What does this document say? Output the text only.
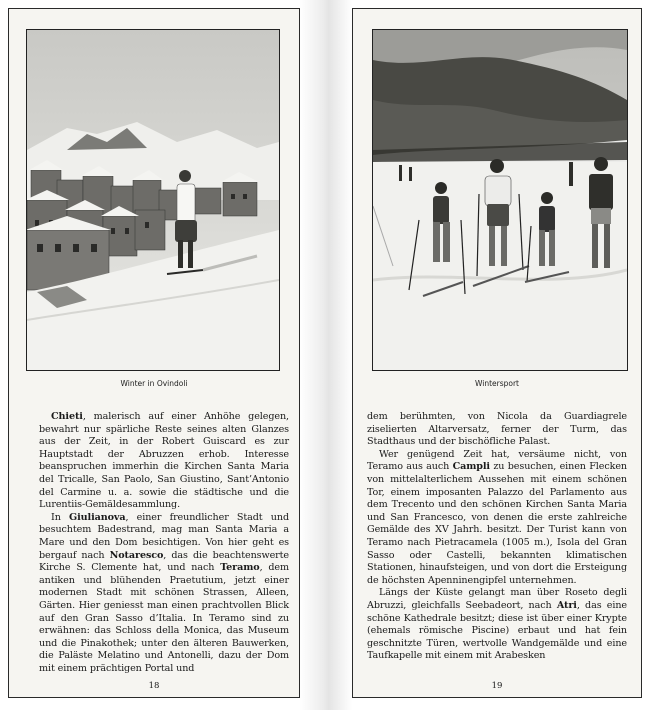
Winter in Ovindoli

Chieti, malerisch auf einer Anhöhe gelegen, bewahrt nur spärliche Reste seines alten Glanzes aus der Zeit, in der Robert Guiscard es zur Hauptstadt der Abruzzen erhob. Interesse beanspruchen immerhin die Kirchen Santa Maria del Tricalle, San Paolo, San Giustino, Sant’Antonio del Carmine u. a. sowie die städtische und die Lurentiis-Gemäldesammlung.

In Giulianova, einer freundlicher Stadt und besuchtem Badestrand, mag man Santa Maria a Mare und den Dom besichtigen. Von hier geht es bergauf nach Notaresco, das die beachtenswerte Kirche S. Clemente hat, und nach Teramo, dem antiken und blühenden Praetutium, jetzt einer modernen Stadt mit schönen Strassen, Alleen, Gärten. Hier geniesst man einen prachtvollen Blick auf den Gran Sasso d’Italia. In Teramo sind zu erwähnen: das Schloss della Monica, das Museum und die Pinakothek; unter den älteren Bauwerken, die Paläste Melatino und Antonelli, dazu der Dom mit einem prächtigen Portal und

18
Wintersport

dem berühmten, von Nicola da Guardiagrele ziselierten Altarversatz, ferner der Turm, das Stadthaus und der bischöfliche Palast.

Wer genügend Zeit hat, versäume nicht, von Teramo aus auch Campli zu besuchen, einen Flecken von mittelalterlichem Aussehen mit einem schönen Tor, einem imposanten Palazzo del Parlamento aus dem Trecento und den schönen Kirchen Santa Maria und San Francesco, von denen die erste zahlreiche Gemälde des XV Jahrh. besitzt. Der Turist kann von Teramo nach Pietracamela (1005 m.), Isola del Gran Sasso oder Castelli, bekannten klimatischen Stationen, hinaufsteigen, und von dort die Ersteigung de höchsten Apenninengipfel unternehmen.

Längs der Küste gelangt man über Roseto degli Abruzzi, gleichfalls Seebadeort, nach Atri, das eine schöne Kathedrale besitzt; diese ist über einer Krypte (ehemals römische Piscine) erbaut und hat fein geschnitzte Türen, wertvolle Wandgemälde und eine Taufkapelle mit einem mit Arabesken

19
